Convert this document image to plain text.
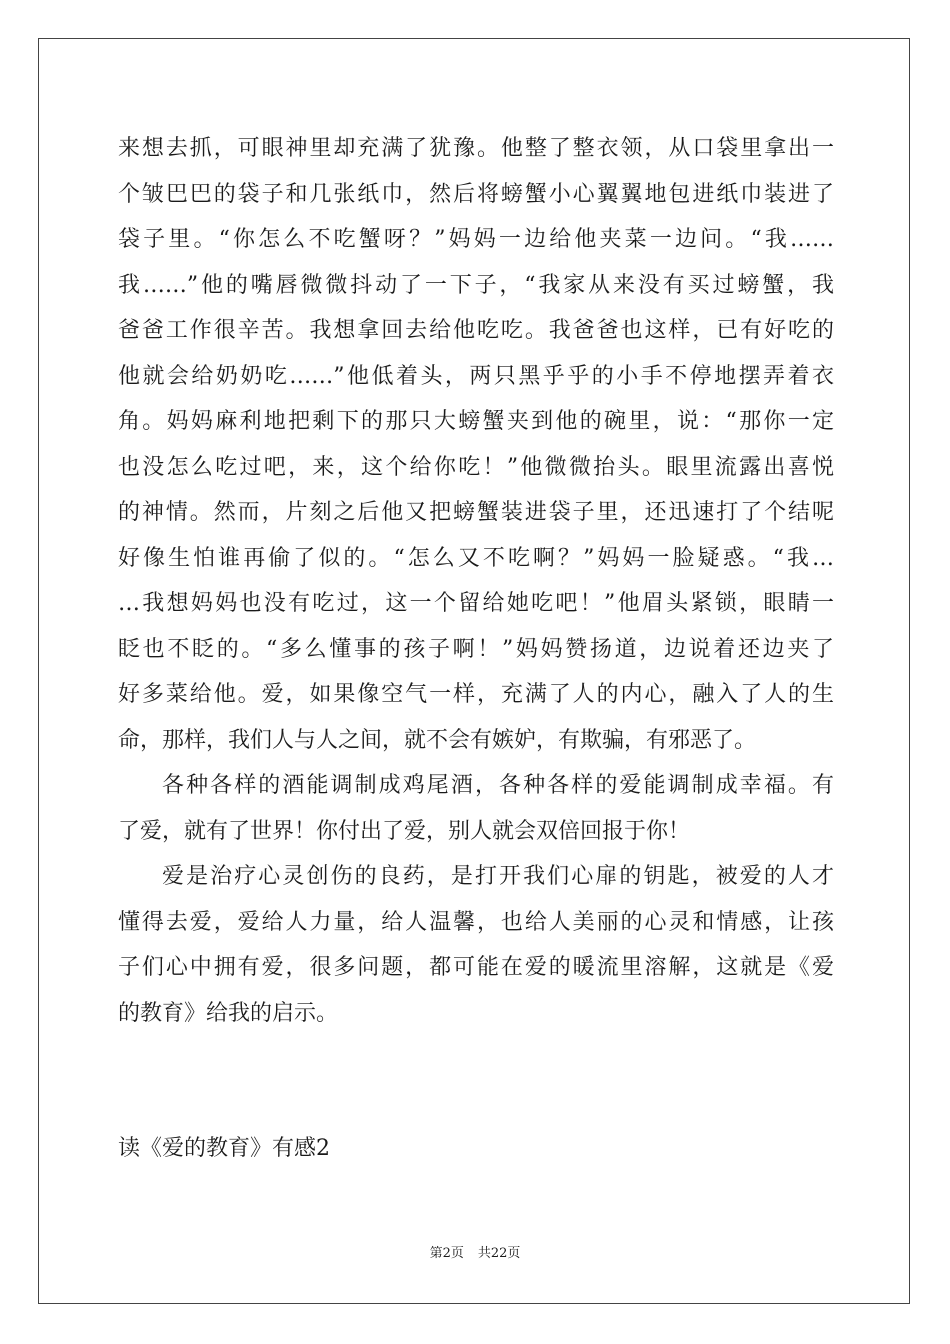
来想去抓，可眼神里却充满了犹豫。他整了整衣领，从口袋里拿出一
个皱巴巴的袋子和几张纸巾，然后将螃蟹小心翼翼地包进纸巾装进了
袋子里。“你怎么不吃蟹呀？”妈妈一边给他夹菜一边问。“我……
我……”他的嘴唇微微抖动了一下子，“我家从来没有买过螃蟹，我
爸爸工作很辛苦。我想拿回去给他吃吃。我爸爸也这样，已有好吃的
他就会给奶奶吃……”他低着头，两只黑乎乎的小手不停地摆弄着衣
角。妈妈麻利地把剩下的那只大螃蟹夹到他的碗里，说：“那你一定
也没怎么吃过吧，来，这个给你吃！”他微微抬头。眼里流露出喜悦
的神情。然而，片刻之后他又把螃蟹装进袋子里，还迅速打了个结呢
好像生怕谁再偷了似的。“怎么又不吃啊？”妈妈一脸疑惑。“我…
…我想妈妈也没有吃过，这一个留给她吃吧！”他眉头紧锁，眼睛一
眨也不眨的。“多么懂事的孩子啊！”妈妈赞扬道，边说着还边夹了
好多菜给他。爱，如果像空气一样，充满了人的内心，融入了人的生
命，那样，我们人与人之间，就不会有嫉妒，有欺骗，有邪恶了。
各种各样的酒能调制成鸡尾酒，各种各样的爱能调制成幸福。有
了爱，就有了世界！你付出了爱，别人就会双倍回报于你！
爱是治疗心灵创伤的良药，是打开我们心扉的钥匙，被爱的人才
懂得去爱，爱给人力量，给人温馨，也给人美丽的心灵和情感，让孩
子们心中拥有爱，很多问题，都可能在爱的暖流里溶解，这就是《爱
的教育》给我的启示。
读《爱的教育》有感2
第2页 共22页
